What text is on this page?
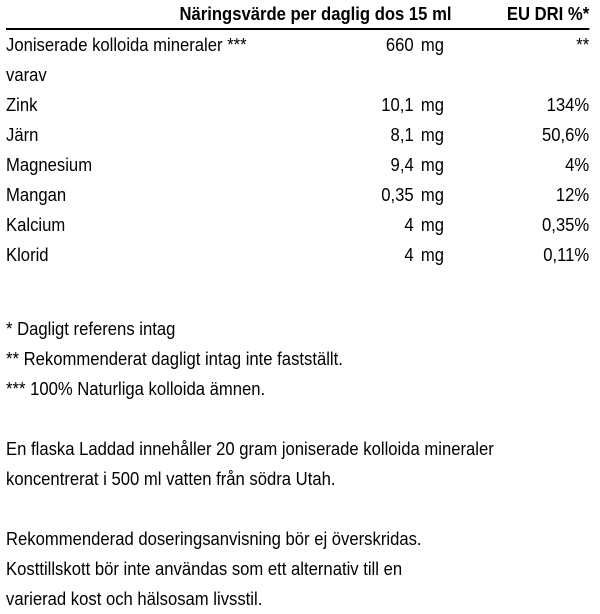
	Näringsvärde per daglig dos 15 ml	EU DRI %*
Joniserade kolloida mineraler ***	660 mg	**
varav		
Zink	10,1 mg	134%
Järn	8,1 mg	50,6%
Magnesium	9,4 mg	4%
Mangan	0,35 mg	12%
Kalcium	4 mg	0,35%
Klorid	4 mg	0,11%
* Dagligt referens intag
** Rekommenderat dagligt intag inte fastställt.
*** 100% Naturliga kolloida ämnen.
En flaska Laddad innehåller 20 gram joniserade kolloida mineraler
koncentrerat i 500 ml vatten från södra Utah.
Rekommenderad doseringsanvisning bör ej överskridas.
Kosttillskott bör inte användas som ett alternativ till en
varierad kost och hälsosam livsstil.
